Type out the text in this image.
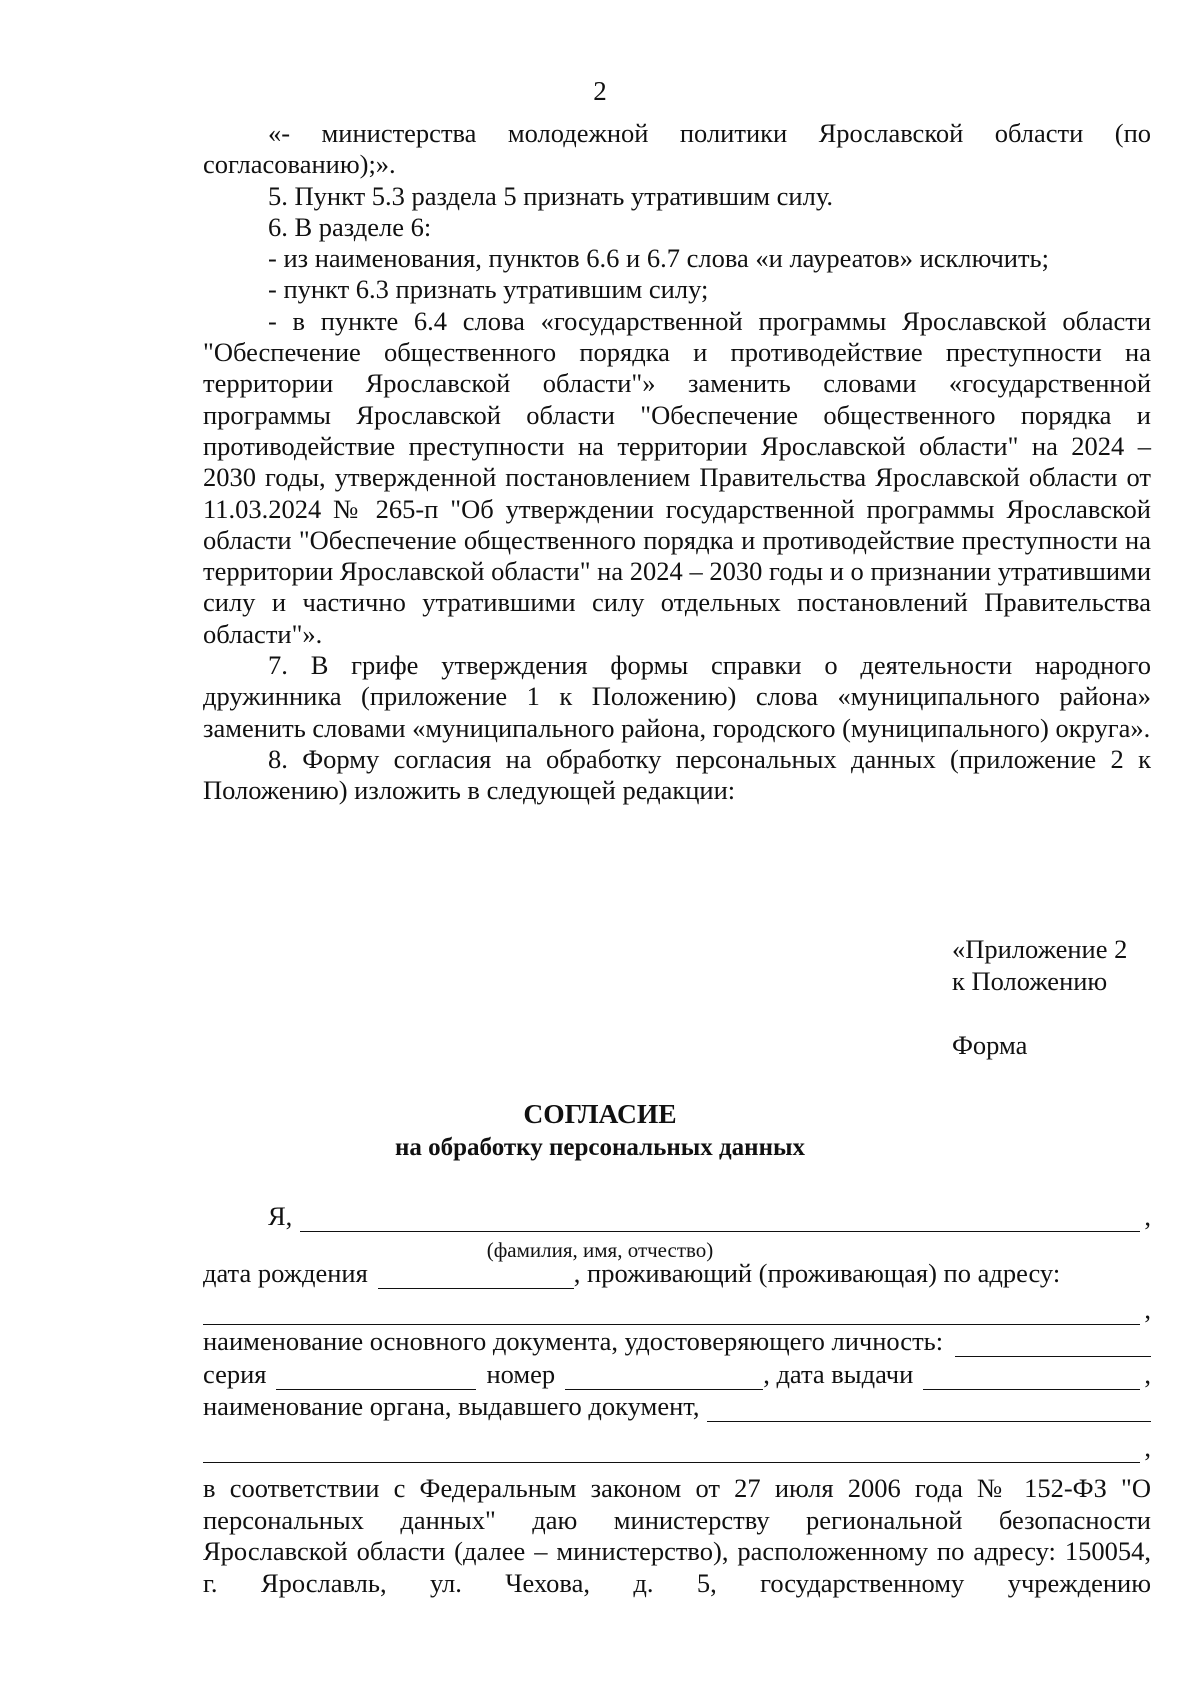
2

«- министерства молодежной политики Ярославской области (по согласованию);».

5. Пункт 5.3 раздела 5 признать утратившим силу.

6. В разделе 6:

- из наименования, пунктов 6.6 и 6.7 слова «и лауреатов» исключить;

- пункт 6.3 признать утратившим силу;

- в пункте 6.4 слова «государственной программы Ярославской области "Обеспечение общественного порядка и противодействие преступности на территории Ярославской области"» заменить словами «государственной программы Ярославской области "Обеспечение общественного порядка и противодействие преступности на территории Ярославской области" на 2024 – 2030 годы, утвержденной постановлением Правительства Ярославской области от 11.03.2024 № 265-п "Об утверждении государственной программы Ярославской области "Обеспечение общественного порядка и противодействие преступности на территории Ярославской области" на 2024 – 2030 годы и о признании утратившими силу и частично утратившими силу отдельных постановлений Правительства области"».

7. В грифе утверждения формы справки о деятельности народного дружинника (приложение 1 к Положению) слова «муниципального района» заменить словами «муниципального района, городского (муниципального) округа».

8. Форму согласия на обработку персональных данных (приложение 2 к Положению) изложить в следующей редакции:

«Приложение 2
к Положению
Форма
СОГЛАСИЕ
на обработку персональных данных
Я,	,
(фамилия, имя, отчество)
дата рождения	, проживающий (проживающая) по адресу:
,
наименование основного документа, удостоверяющего личность:
серия	номер	, дата выдачи	,
наименование органа, выдавшего документ,
,

в соответствии с Федеральным законом от 27 июля 2006 года № 152-ФЗ "О персональных данных" даю министерству региональной безопасности Ярославской области (далее – министерство), расположенному по адресу: 150054, г. Ярославль, ул. Чехова, д. 5, государственному учреждению
